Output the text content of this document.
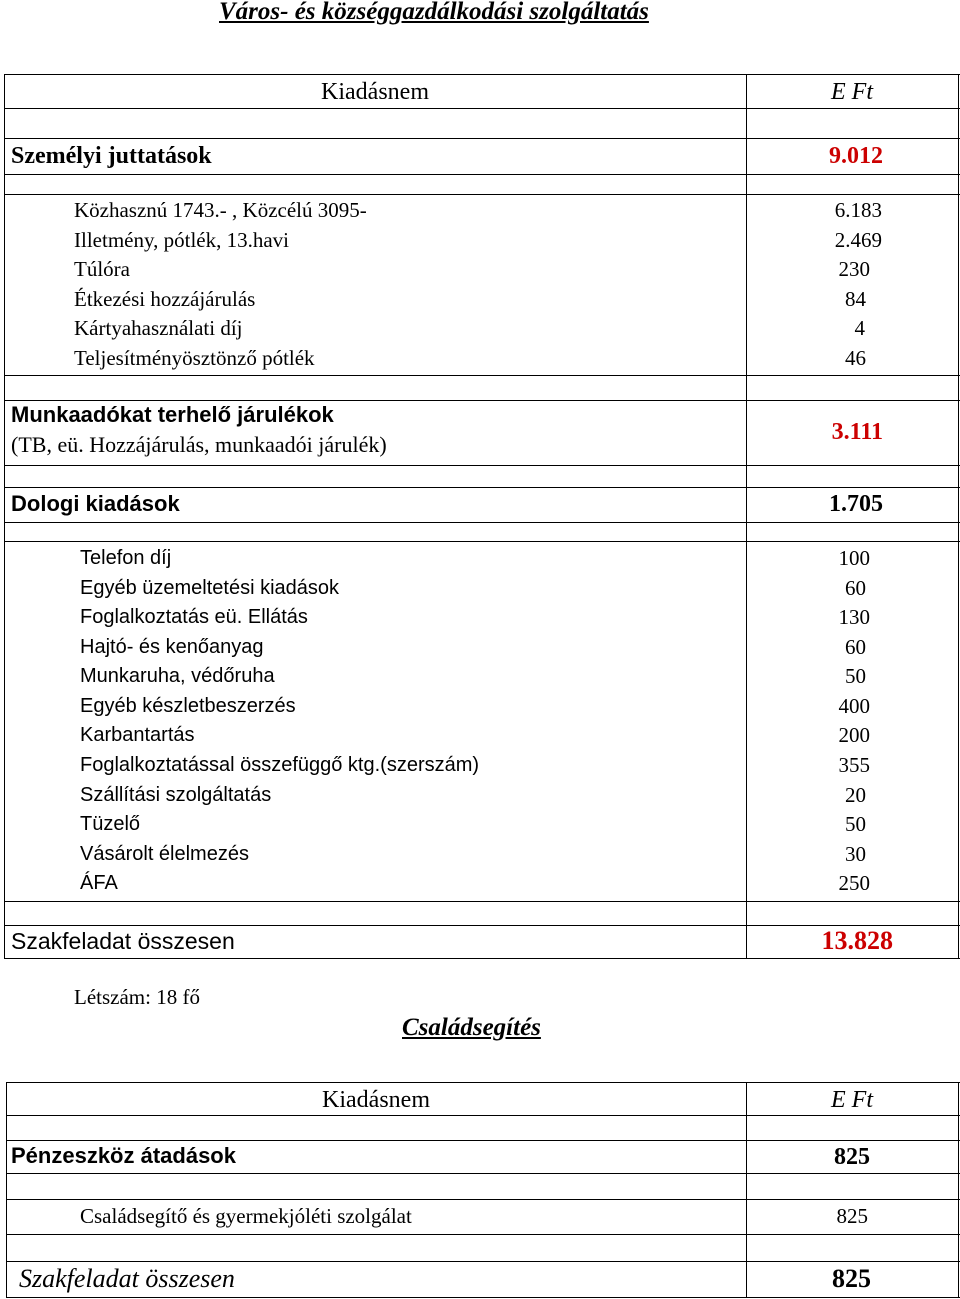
Város- és községgazdálkodási szolgáltatás
Kiadásnem	E Ft
Személyi juttatások	9.012
Közhasznú 1743.- , Közcélú 3095-	6.183
Illetmény, pótlék, 13.havi	2.469
Túlóra	230
Étkezési hozzájárulás	84
Kártyahasználati díj	4
Teljesítményösztönző pótlék	46
Munkaadókat terhelő járulékok
(TB, eü. Hozzájárulás, munkaadói járulék)	3.111
Dologi kiadások	1.705
Telefon díj	100
Egyéb üzemeltetési kiadások	60
Foglalkoztatás eü. Ellátás	130
Hajtó- és kenőanyag	60
Munkaruha, védőruha	50
Egyéb készletbeszerzés	400
Karbantartás	200
Foglalkoztatással összefüggő ktg.(szerszám)	355
Szállítási szolgáltatás	20
Tüzelő	50
Vásárolt élelmezés	30
ÁFA	250
Szakfeladat összesen	13.828
Létszám: 18 fő
Családsegítés
Kiadásnem	E Ft
Pénzeszköz átadások	825
Családsegítő és gyermekjóléti szolgálat	825
Szakfeladat összesen	825
